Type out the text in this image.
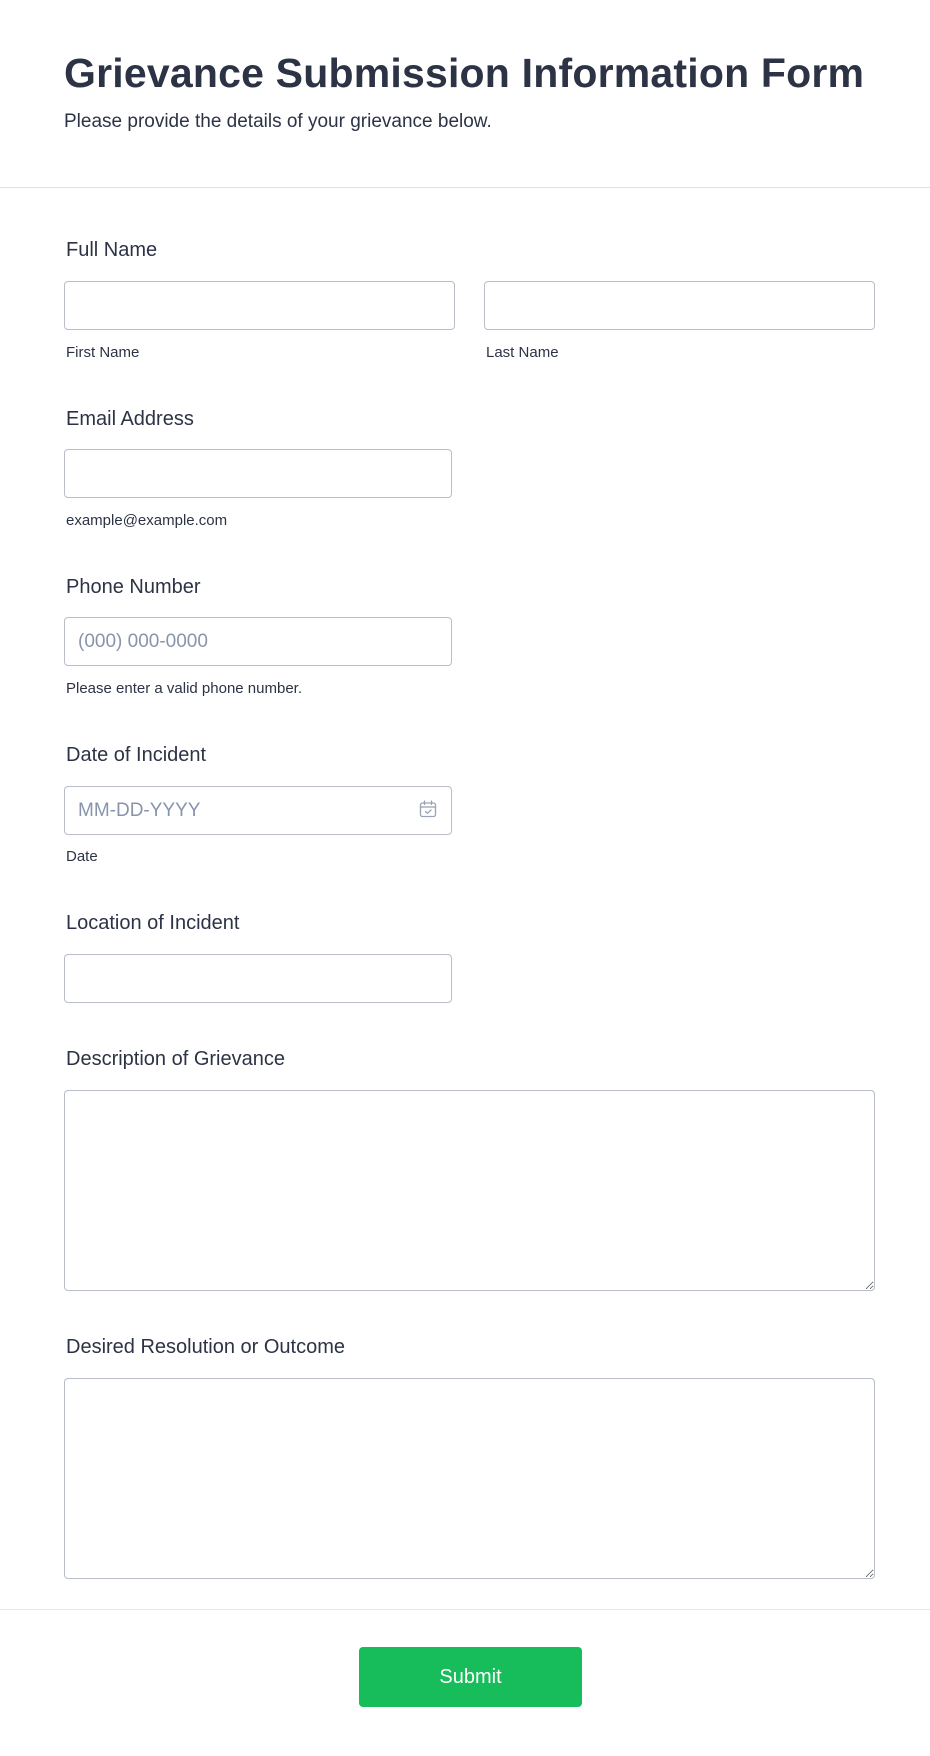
Grievance Submission Information Form

Please provide the details of your grievance below.

Full Name
First Name	Last Name
Email Address
example@example.com
Phone Number
(000) 000-0000
Please enter a valid phone number.
Date of Incident
MM-DD-YYYY
Date
Location of Incident
Description of Grievance
Desired Resolution or Outcome
Submit
